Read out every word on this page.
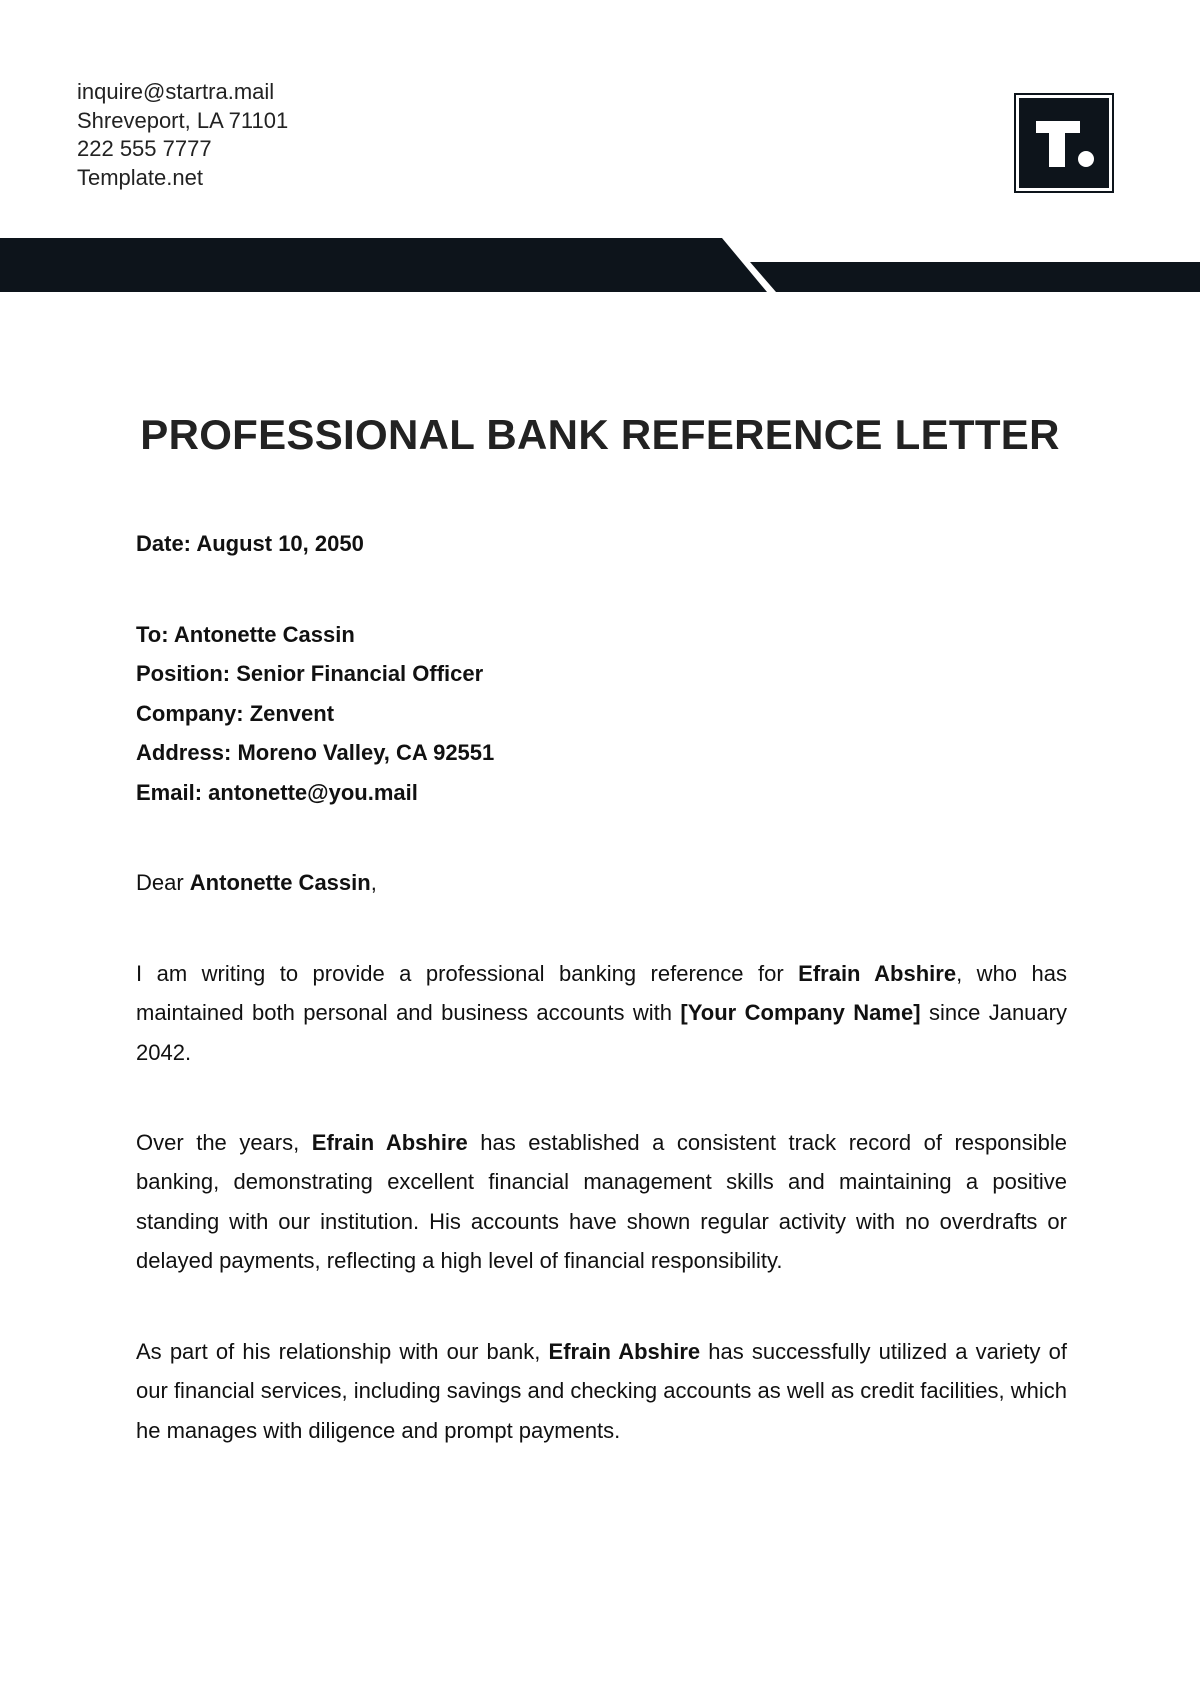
inquire@startra.mail
Shreveport, LA 71101
222 555 7777
Template.net
PROFESSIONAL BANK REFERENCE LETTER
Date: August 10, 2050
To: Antonette Cassin
Position: Senior Financial Officer
Company: Zenvent
Address: Moreno Valley, CA 92551
Email: antonette@you.mail
Dear Antonette Cassin,
I am writing to provide a professional banking reference for Efrain Abshire, who has maintained both personal and business accounts with [Your Company Name] since January 2042.
Over the years, Efrain Abshire has established a consistent track record of responsible banking, demonstrating excellent financial management skills and maintaining a positive standing with our institution. His accounts have shown regular activity with no overdrafts or delayed payments, reflecting a high level of financial responsibility.
As part of his relationship with our bank, Efrain Abshire has successfully utilized a variety of our financial services, including savings and checking accounts as well as credit facilities, which he manages with diligence and prompt payments.
